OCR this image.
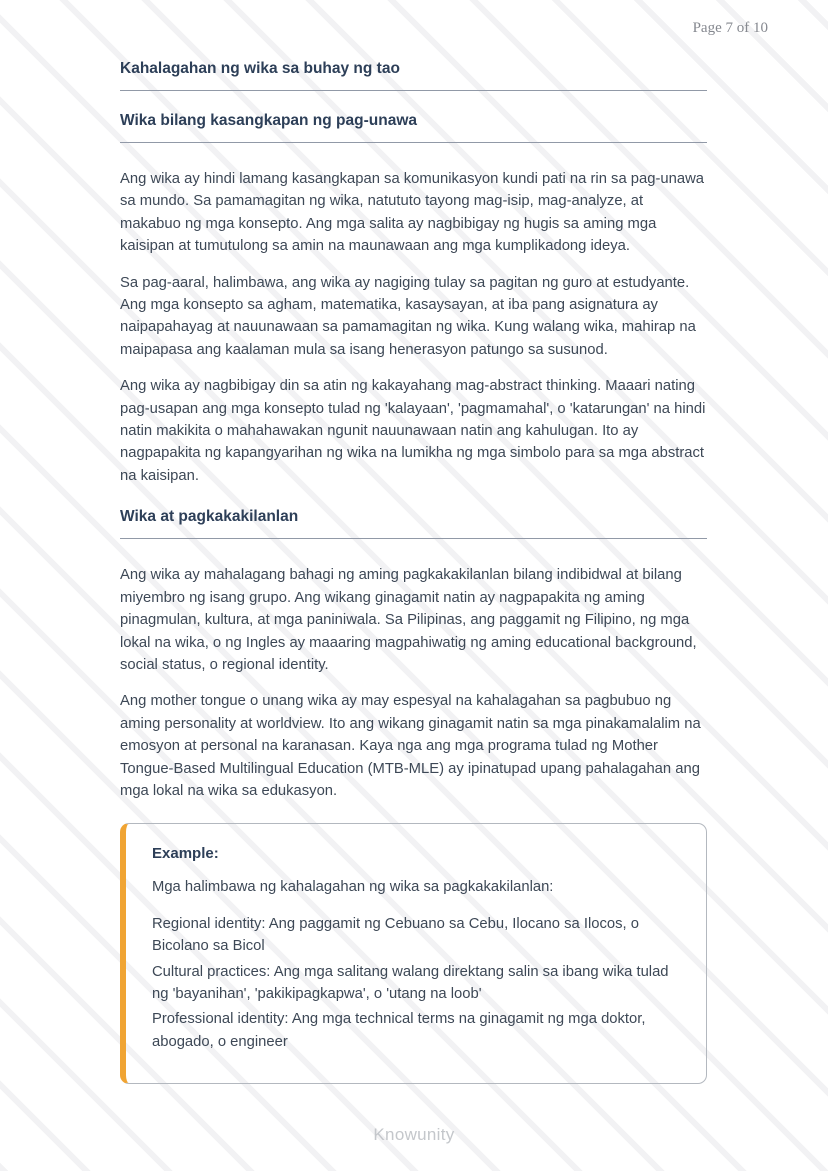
Page 7 of 10
Kahalagahan ng wika sa buhay ng tao
Wika bilang kasangkapan ng pag-unawa

Ang wika ay hindi lamang kasangkapan sa komunikasyon kundi pati na rin sa pag-unawa sa mundo. Sa pamamagitan ng wika, natututo tayong mag-isip, mag-analyze, at makabuo ng mga konsepto. Ang mga salita ay nagbibigay ng hugis sa aming mga kaisipan at tumutulong sa amin na maunawaan ang mga kumplikadong ideya.

Sa pag-aaral, halimbawa, ang wika ay nagiging tulay sa pagitan ng guro at estudyante. Ang mga konsepto sa agham, matematika, kasaysayan, at iba pang asignatura ay naipapahayag at nauunawaan sa pamamagitan ng wika. Kung walang wika, mahirap na maipapasa ang kaalaman mula sa isang henerasyon patungo sa susunod.

Ang wika ay nagbibigay din sa atin ng kakayahang mag-abstract thinking. Maaari nating pag-usapan ang mga konsepto tulad ng 'kalayaan', 'pagmamahal', o 'katarungan' na hindi natin makikita o mahahawakan ngunit nauunawaan natin ang kahulugan. Ito ay nagpapakita ng kapangyarihan ng wika na lumikha ng mga simbolo para sa mga abstract na kaisipan.

Wika at pagkakakilanlan

Ang wika ay mahalagang bahagi ng aming pagkakakilanlan bilang indibidwal at bilang miyembro ng isang grupo. Ang wikang ginagamit natin ay nagpapakita ng aming pinagmulan, kultura, at mga paniniwala. Sa Pilipinas, ang paggamit ng Filipino, ng mga lokal na wika, o ng Ingles ay maaaring magpahiwatig ng aming educational background, social status, o regional identity.

Ang mother tongue o unang wika ay may espesyal na kahalagahan sa pagbubuo ng aming personality at worldview. Ito ang wikang ginagamit natin sa mga pinakamalalim na emosyon at personal na karanasan. Kaya nga ang mga programa tulad ng Mother Tongue-Based Multilingual Education (MTB-MLE) ay ipinatupad upang pahalagahan ang mga lokal na wika sa edukasyon.

Example:

Mga halimbawa ng kahalagahan ng wika sa pagkakakilanlan:

Regional identity: Ang paggamit ng Cebuano sa Cebu, Ilocano sa Ilocos, o Bicolano sa Bicol

Cultural practices: Ang mga salitang walang direktang salin sa ibang wika tulad ng 'bayanihan', 'pakikipagkapwa', o 'utang na loob'

Professional identity: Ang mga technical terms na ginagamit ng mga doktor, abogado, o engineer

Knowunity
